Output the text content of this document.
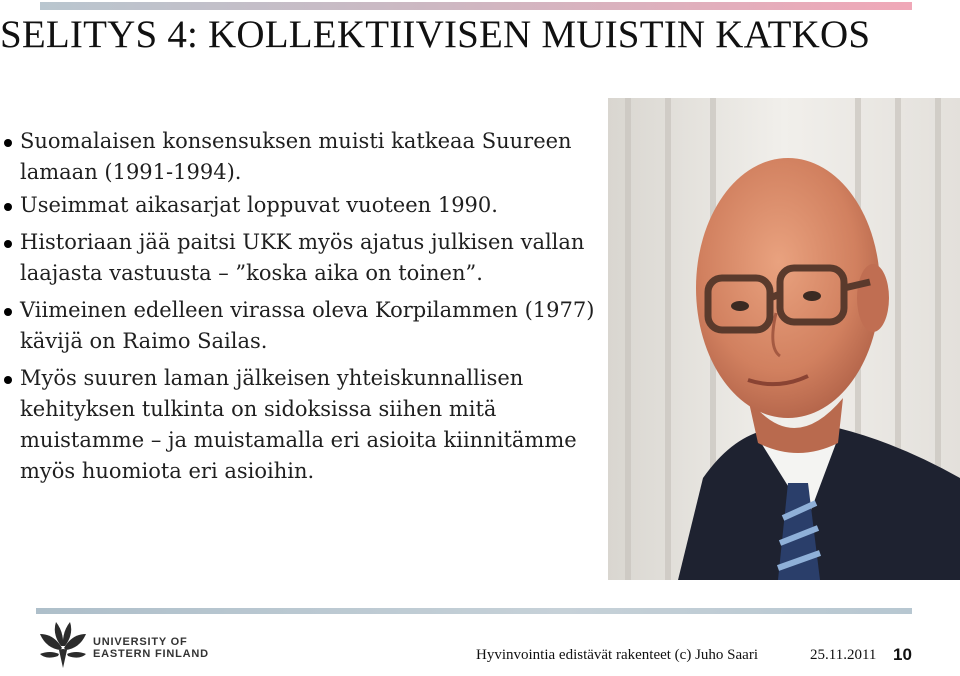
SELITYS 4: KOLLEKTIIVISEN MUISTIN KATKOS
Suomalaisen konsensuksen muisti katkeaa Suureen lamaan (1991-1994).
Useimmat aikasarjat loppuvat vuoteen 1990.
Historiaan jää paitsi UKK myös ajatus julkisen vallan laajasta vastuusta – ”koska aika on toinen”.
Viimeinen edelleen virassa oleva Korpilammen (1977) kävijä on Raimo Sailas.
Myös suuren laman jälkeisen yhteiskunnallisen kehityksen tulkinta on sidoksissa siihen mitä muistamme – ja muistamalla eri asioita kiinnitämme myös huomiota eri asioihin.
UNIVERSITY OF
EASTERN FINLAND	Hyvinvointia edistävät rakenteet (c) Juho Saari	25.11.2011 10
